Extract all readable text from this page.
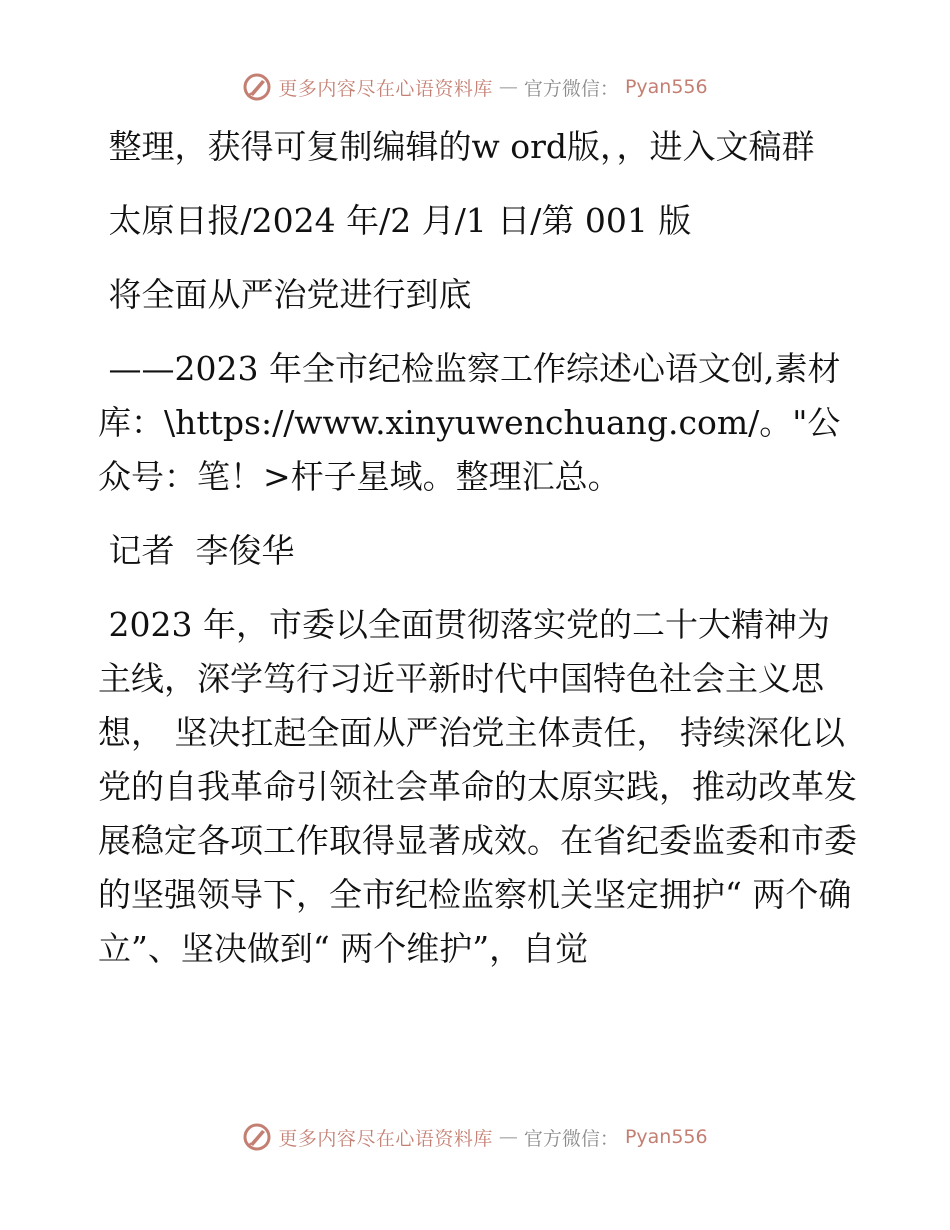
更多内容尽在心语资料库 — 官方微信： Pyan556

整理，获得可复制编辑的w ord版，，进入文稿群

太原日报/2024 年/2 月/1 日/第 001 版

将全面从严治党进行到底

——2023 年全市纪检监察工作综述心语文创,素材库：\https://www.xinyuwenchuang.com/。"公众号：笔！>杆子星域。整理汇总。

记者  李俊华

2023 年，市委以全面贯彻落实党的二十大精神为主线，深学笃行习近平新时代中国特色社会主义思想， 坚决扛起全面从严治党主体责任， 持续深化以党的自我革命引领社会革命的太原实践，推动改革发展稳定各项工作取得显著成效。在省纪委监委和市委的坚强领导下，全市纪检监察机关坚定拥护“ 两个确立”、坚决做到“ 两个维护”，自觉

更多内容尽在心语资料库 — 官方微信： Pyan556
